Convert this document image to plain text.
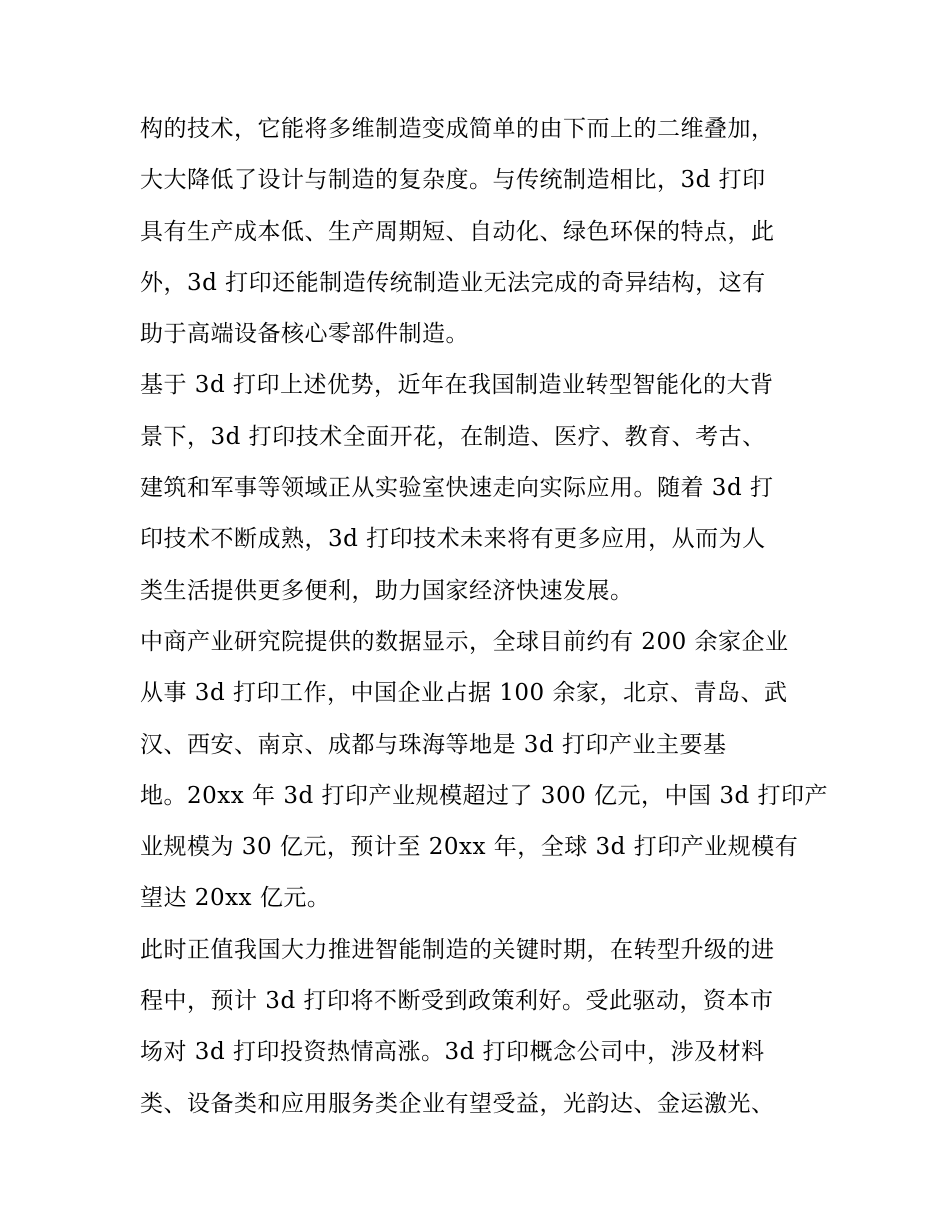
构的技术，它能将多维制造变成简单的由下而上的二维叠加，
大大降低了设计与制造的复杂度。与传统制造相比，3d 打印
具有生产成本低、生产周期短、自动化、绿色环保的特点，此
外，3d 打印还能制造传统制造业无法完成的奇异结构，这有
助于高端设备核心零部件制造。
基于 3d 打印上述优势，近年在我国制造业转型智能化的大背
景下，3d 打印技术全面开花，在制造、医疗、教育、考古、
建筑和军事等领域正从实验室快速走向实际应用。随着 3d 打
印技术不断成熟，3d 打印技术未来将有更多应用，从而为人
类生活提供更多便利，助力国家经济快速发展。
中商产业研究院提供的数据显示，全球目前约有 200 余家企业
从事 3d 打印工作，中国企业占据 100 余家，北京、青岛、武
汉、西安、南京、成都与珠海等地是 3d 打印产业主要基
地。20xx 年 3d 打印产业规模超过了 300 亿元，中国 3d 打印产
业规模为 30 亿元，预计至 20xx 年，全球 3d 打印产业规模有
望达 20xx 亿元。
此时正值我国大力推进智能制造的关键时期，在转型升级的进
程中，预计 3d 打印将不断受到政策利好。受此驱动，资本市
场对 3d 打印投资热情高涨。3d 打印概念公司中，涉及材料
类、设备类和应用服务类企业有望受益，光韵达、金运激光、
